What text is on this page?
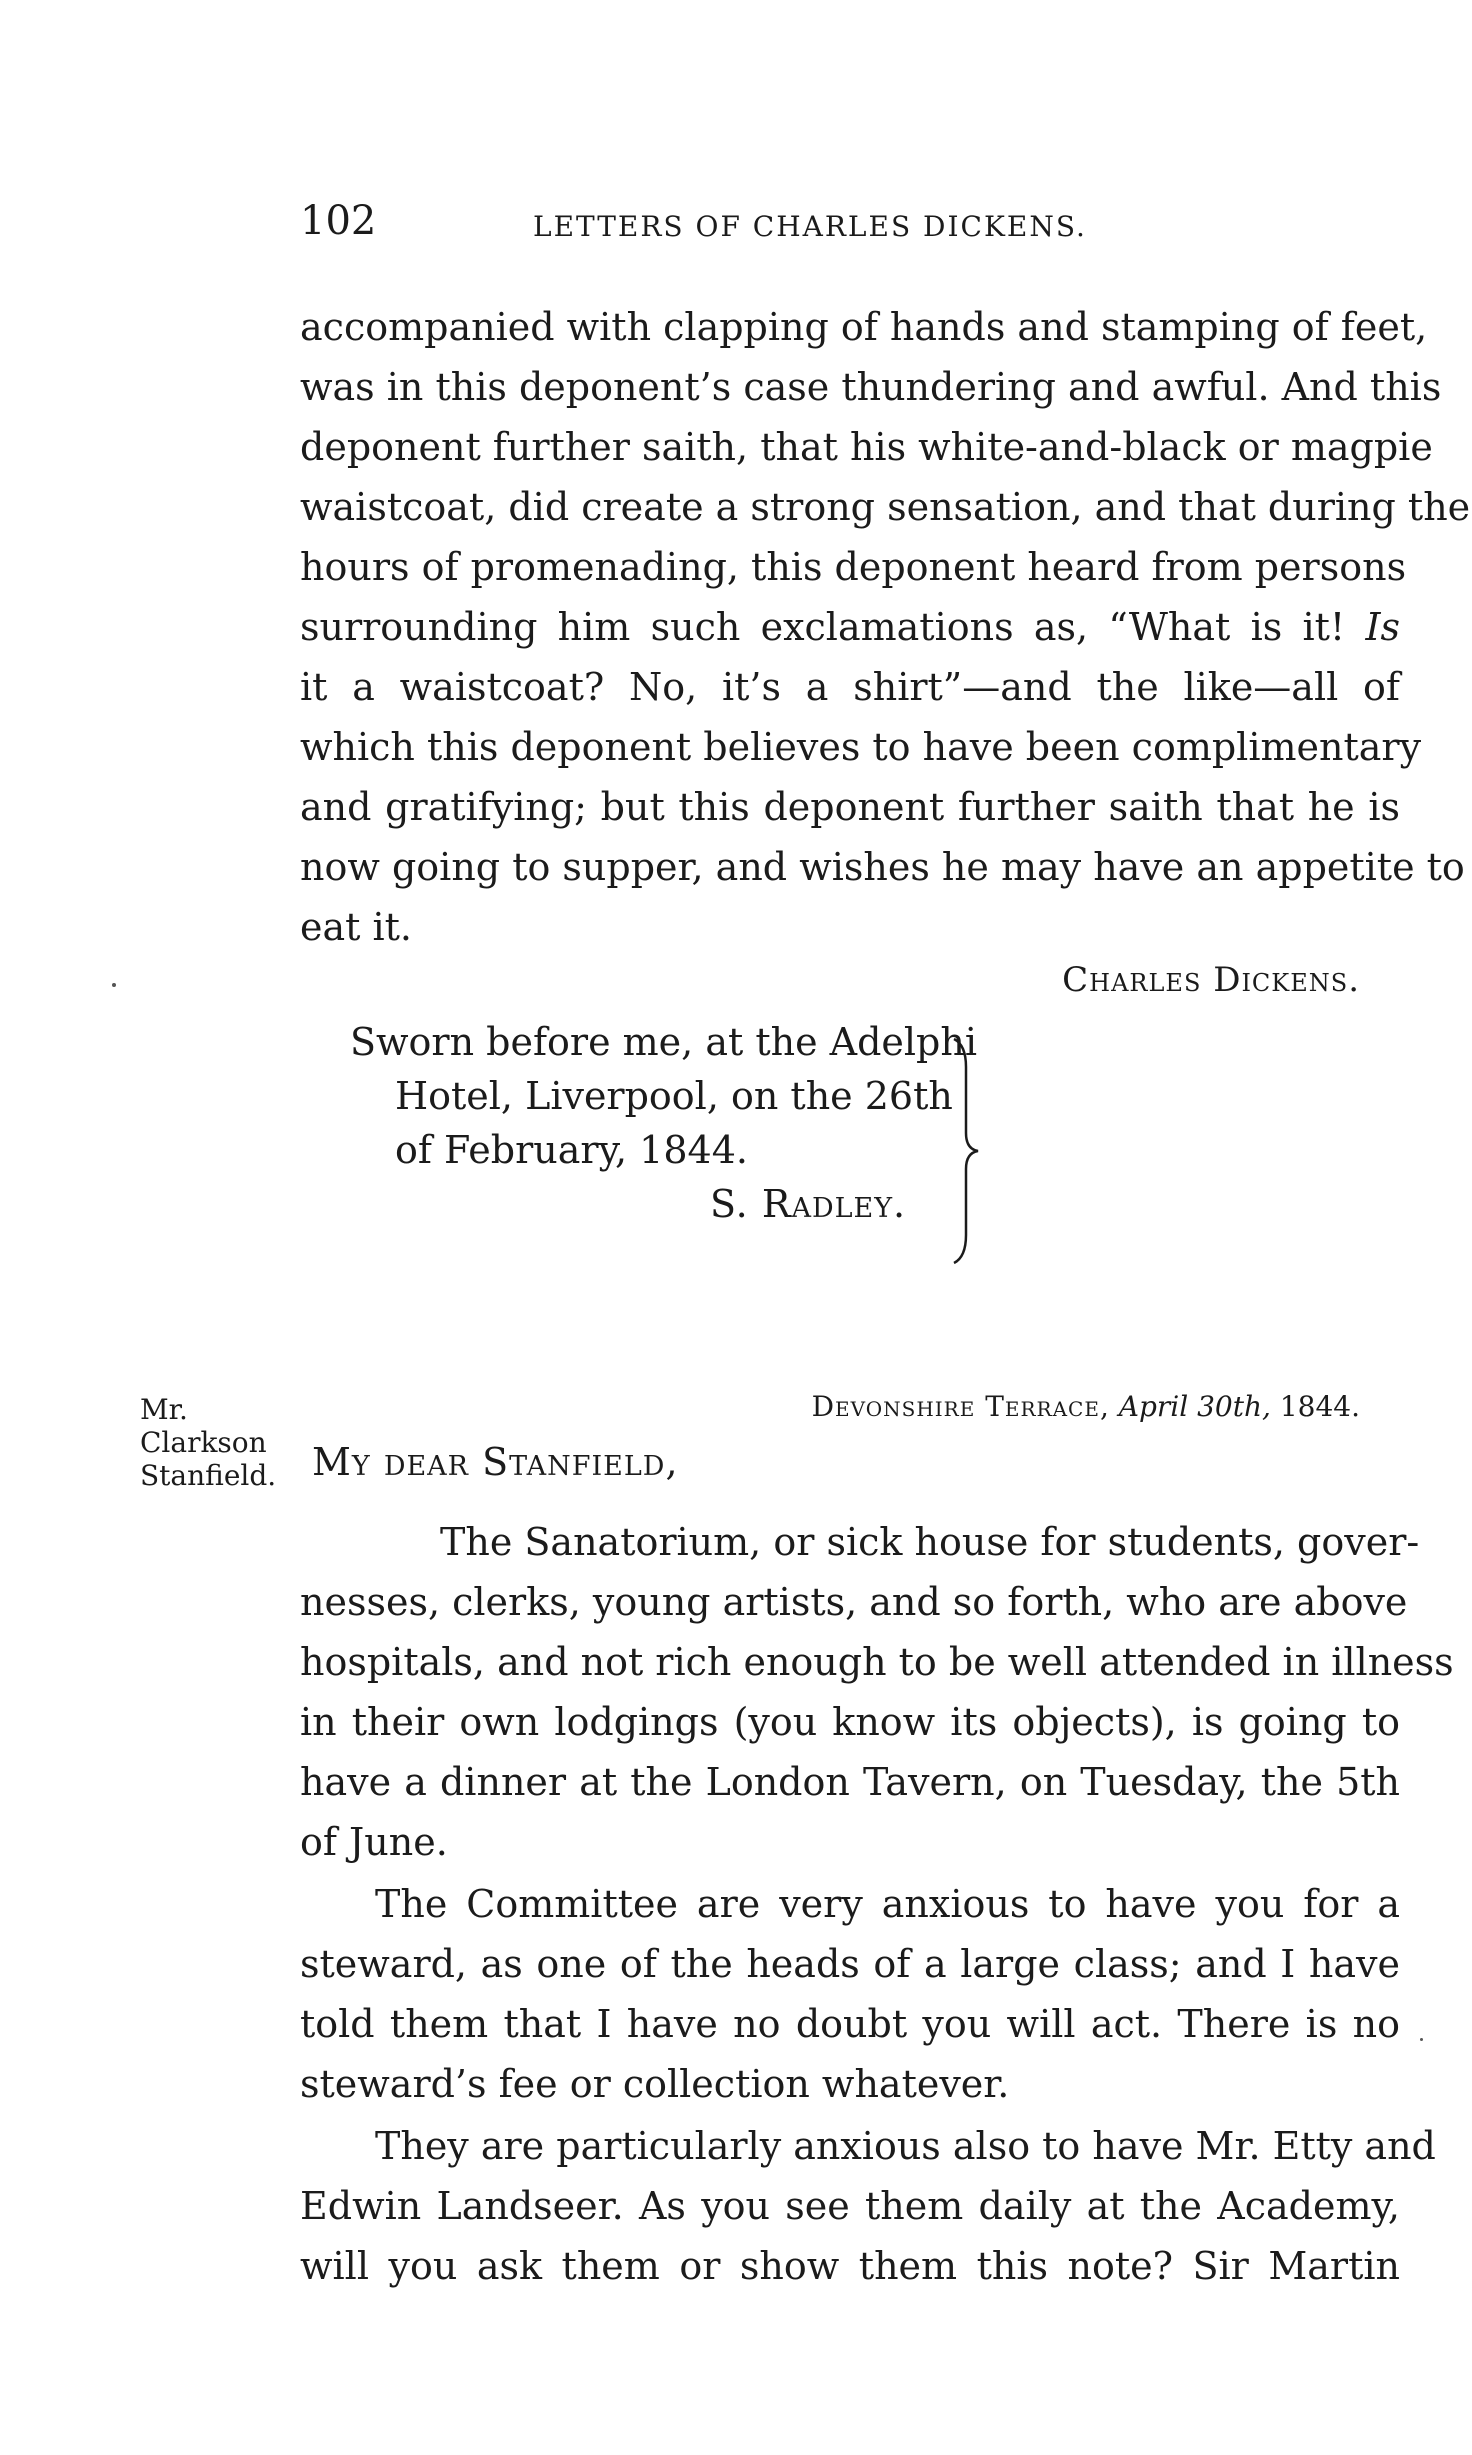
102	LETTERS OF CHARLES DICKENS.
accompanied with clapping of hands and stamping of feet,
was in this deponent’s case thundering and awful. And this
deponent further saith, that his white-and-black or magpie
waistcoat, did create a strong sensation, and that during the
hours of promenading, this deponent heard from persons
surrounding him such exclamations as, “What is it! Is
it a waistcoat? No, it’s a shirt”—and the like—all of
which this deponent believes to have been complimentary
and gratifying; but this deponent further saith that he is
now going to supper, and wishes he may have an appetite to
eat it.
Charles Dickens.
Sworn before me, at the Adelphi
Hotel, Liverpool, on the 26th
of February, 1844.
S. Radley.
Mr.
Clarkson
Stanfield.
Devonshire Terrace, April 30th, 1844.
My dear Stanfield,
The Sanatorium, or sick house for students, gover-
nesses, clerks, young artists, and so forth, who are above
hospitals, and not rich enough to be well attended in illness
in their own lodgings (you know its objects), is going to
have a dinner at the London Tavern, on Tuesday, the 5th
of June.
The Committee are very anxious to have you for a
steward, as one of the heads of a large class; and I have
told them that I have no doubt you will act. There is no
steward’s fee or collection whatever.
They are particularly anxious also to have Mr. Etty and
Edwin Landseer. As you see them daily at the Academy,
will you ask them or show them this note? Sir Martin
